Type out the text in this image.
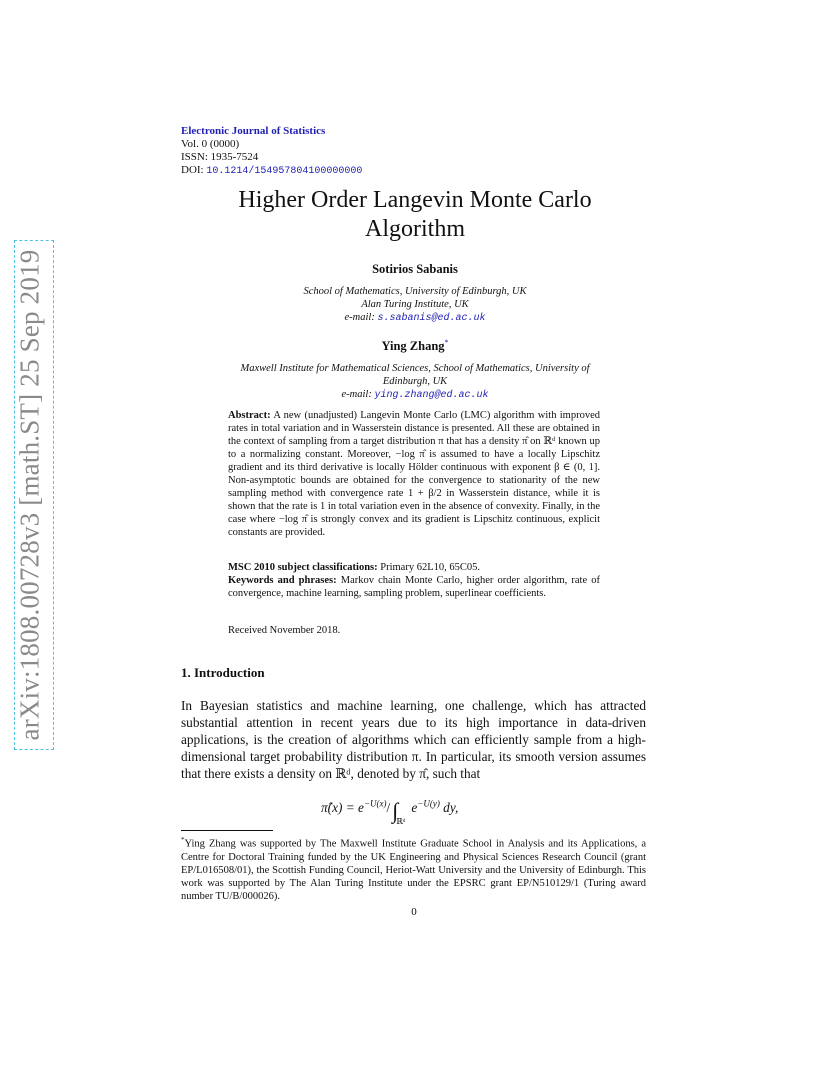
arXiv:1808.00728v3 [math.ST] 25 Sep 2019
Electronic Journal of Statistics
Vol. 0 (0000)
ISSN: 1935-7524
DOI: 10.1214/154957804100000000
Higher Order Langevin Monte Carlo
Algorithm
Sotirios Sabanis
School of Mathematics, University of Edinburgh, UK
Alan Turing Institute, UK
e-mail: s.sabanis@ed.ac.uk
Ying Zhang*
Maxwell Institute for Mathematical Sciences, School of Mathematics, University of
Edinburgh, UK
e-mail: ying.zhang@ed.ac.uk
Abstract: A new (unadjusted) Langevin Monte Carlo (LMC) algorithm with improved rates in total variation and in Wasserstein distance is presented. All these are obtained in the context of sampling from a target distribution π that has a density π̂ on ℝᵈ known up to a normalizing constant. Moreover, −log π̂ is assumed to have a locally Lipschitz gradient and its third derivative is locally Hölder continuous with exponent β ∈ (0, 1]. Non-asymptotic bounds are obtained for the convergence to stationarity of the new sampling method with convergence rate 1 + β/2 in Wasserstein distance, while it is shown that the rate is 1 in total variation even in the absence of convexity. Finally, in the case where −log π̂ is strongly convex and its gradient is Lipschitz continuous, explicit constants are provided.
MSC 2010 subject classifications: Primary 62L10, 65C05.
Keywords and phrases: Markov chain Monte Carlo, higher order algorithm, rate of convergence, machine learning, sampling problem, superlinear coefficients.
Received November 2018.
1. Introduction
In Bayesian statistics and machine learning, one challenge, which has attracted substantial attention in recent years due to its high importance in data-driven applications, is the creation of algorithms which can efficiently sample from a high-dimensional target probability distribution π. In particular, its smooth version assumes that there exists a density on ℝᵈ, denoted by π̂, such that
π̂(x) = $e^{-U(x)}/\int_{ℝᵈ}e^{-U(y)}$ dy,
*Ying Zhang was supported by The Maxwell Institute Graduate School in Analysis and its Applications, a Centre for Doctoral Training funded by the UK Engineering and Physical Sciences Research Council (grant EP/L016508/01), the Scottish Funding Council, Heriot-Watt University and the University of Edinburgh. This work was supported by The Alan Turing Institute under the EPSRC grant EP/N510129/1 (Turing award number TU/B/000026).
0
